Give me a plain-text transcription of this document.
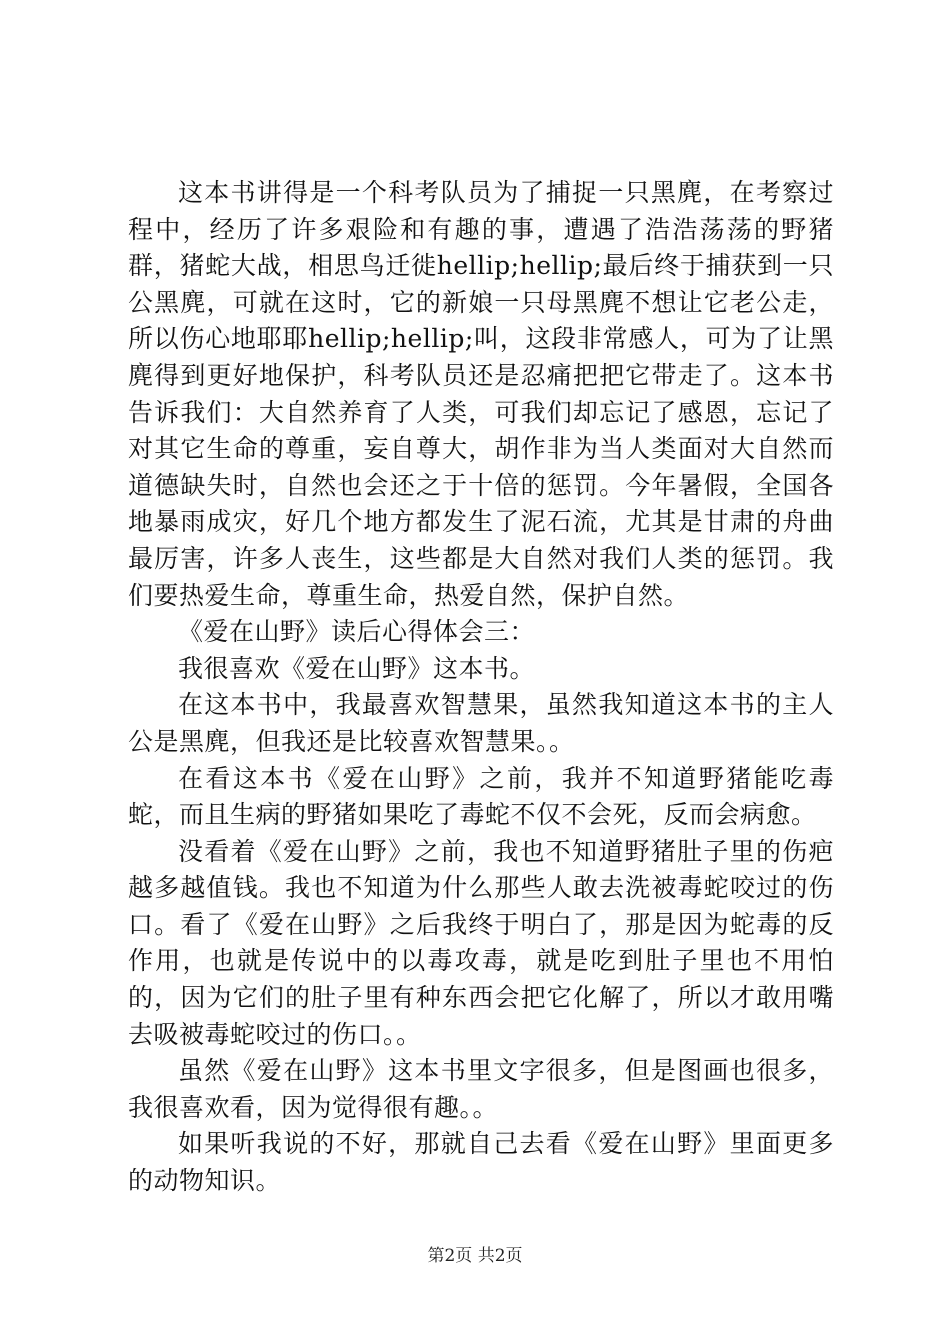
这本书讲得是一个科考队员为了捕捉一只黑麂，在考察过程中，经历了许多艰险和有趣的事，遭遇了浩浩荡荡的野猪群，猪蛇大战，相思鸟迁徙hellip;hellip;最后终于捕获到一只公黑麂，可就在这时，它的新娘一只母黑麂不想让它老公走，所以伤心地耶耶hellip;hellip;叫，这段非常感人，可为了让黑麂得到更好地保护，科考队员还是忍痛把把它带走了。这本书告诉我们：大自然养育了人类，可我们却忘记了感恩，忘记了对其它生命的尊重，妄自尊大，胡作非为当人类面对大自然而道德缺失时，自然也会还之于十倍的惩罚。今年暑假，全国各地暴雨成灾，好几个地方都发生了泥石流，尤其是甘肃的舟曲最厉害，许多人丧生，这些都是大自然对我们人类的惩罚。我们要热爱生命，尊重生命，热爱自然，保护自然。

《爱在山野》读后心得体会三：

我很喜欢《爱在山野》这本书。

在这本书中，我最喜欢智慧果，虽然我知道这本书的主人公是黑麂，但我还是比较喜欢智慧果。。

在看这本书《爱在山野》之前，我并不知道野猪能吃毒蛇，而且生病的野猪如果吃了毒蛇不仅不会死，反而会病愈。

没看着《爱在山野》之前，我也不知道野猪肚子里的伤疤越多越值钱。我也不知道为什么那些人敢去洗被毒蛇咬过的伤口。看了《爱在山野》之后我终于明白了，那是因为蛇毒的反作用，也就是传说中的以毒攻毒，就是吃到肚子里也不用怕的，因为它们的肚子里有种东西会把它化解了，所以才敢用嘴去吸被毒蛇咬过的伤口。。

虽然《爱在山野》这本书里文字很多，但是图画也很多，我很喜欢看，因为觉得很有趣。。

如果听我说的不好，那就自己去看《爱在山野》里面更多的动物知识。

第2页 共2页
